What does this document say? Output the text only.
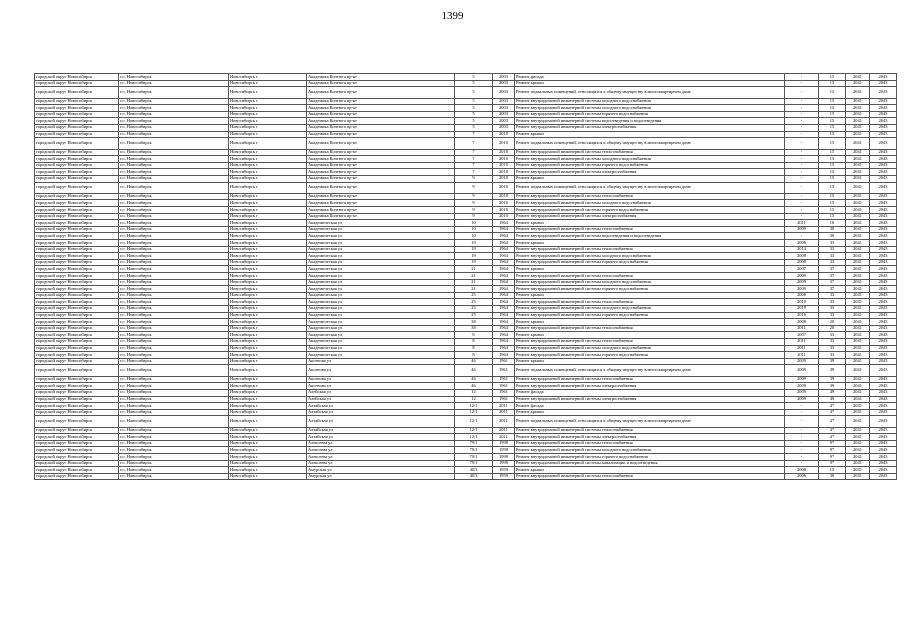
1399
городской округ Новосибирск	г.о. Новосибирск	Новосибирск г	Академика Коптюга пр-кт	5	2003	Ремонт фасада	-	15	2041	2043
городской округ Новосибирск	г.о. Новосибирск	Новосибирск г	Академика Коптюга пр-кт	5	2003	Ремонт крыши	-	15	2041	2043
городской округ Новосибирск	г.о. Новосибирск	Новосибирск г	Академика Коптюга пр-кт	5	2003	Ремонт подвальных помещений, относящихся к общему имуществу в многоквартирном доме	-	15	2041	2043
городской округ Новосибирск	г.о. Новосибирск	Новосибирск г	Академика Коптюга пр-кт	5	2003	Ремонт внутридомовой инженерной системы холодного водоснабжения	-	15	2041	2043
городской округ Новосибирск	г.о. Новосибирск	Новосибирск г	Академика Коптюга пр-кт	5	2003	Ремонт внутридомовой инженерной системы холодного водоснабжения	-	15	2041	2043
городской округ Новосибирск	г.о. Новосибирск	Новосибирск г	Академика Коптюга пр-кт	5	2003	Ремонт внутридомовой инженерной системы горячего водоснабжения	-	15	2041	2043
городской округ Новосибирск	г.о. Новосибирск	Новосибирск г	Академика Коптюга пр-кт	5	2003	Ремонт внутридомовой инженерной системы водоотведения и водоотведения	-	15	2041	2043
городской округ Новосибирск	г.о. Новосибирск	Новосибирск г	Академика Коптюга пр-кт	5	2003	Ремонт внутридомовой инженерной системы электроснабжения	-	15	2041	2043
городской округ Новосибирск	г.о. Новосибирск	Новосибирск г	Академика Коптюга пр-кт	7	2010	Ремонт крыши	-	15	2041	2043
городской округ Новосибирск	г.о. Новосибирск	Новосибирск г	Академика Коптюга пр-кт	7	2010	Ремонт подвальных помещений, относящихся к общему имуществу в многоквартирном доме	-	15	2041	2043
городской округ Новосибирск	г.о. Новосибирск	Новосибирск г	Академика Коптюга пр-кт	7	2010	Ремонт внутридомовой инженерной системы теплоснабжения	-	15	2041	2043
городской округ Новосибирск	г.о. Новосибирск	Новосибирск г	Академика Коптюга пр-кт	7	2010	Ремонт внутридомовой инженерной системы холодного водоснабжения	-	15	2041	2043
городской округ Новосибирск	г.о. Новосибирск	Новосибирск г	Академика Коптюга пр-кт	7	2010	Ремонт внутридомовой инженерной системы горячего водоснабжения	-	15	2041	2043
городской округ Новосибирск	г.о. Новосибирск	Новосибирск г	Академика Коптюга пр-кт	7	2010	Ремонт внутридомовой инженерной системы электроснабжения	-	15	2041	2043
городской округ Новосибирск	г.о. Новосибирск	Новосибирск г	Академика Коптюга пр-кт	9	2010	Ремонт крыши	-	15	2041	2043
городской округ Новосибирск	г.о. Новосибирск	Новосибирск г	Академика Коптюга пр-кт	9	2010	Ремонт подвальных помещений, относящихся к общему имуществу в многоквартирном доме	-	15	2041	2043
городской округ Новосибирск	г.о. Новосибирск	Новосибирск г	Академика Коптюга пр-кт	9	2010	Ремонт внутридомовой инженерной системы теплоснабжения	-	15	2041	2043
городской округ Новосибирск	г.о. Новосибирск	Новосибирск г	Академика Коптюга пр-кт	9	2010	Ремонт внутридомовой инженерной системы холодного водоснабжения	-	15	2041	2043
городской округ Новосибирск	г.о. Новосибирск	Новосибирск г	Академика Коптюга пр-кт	9	2010	Ремонт внутридомовой инженерной системы горячего водоснабжения	-	15	2041	2043
городской округ Новосибирск	г.о. Новосибирск	Новосибирск г	Академика Коптюга пр-кт	9	2010	Ремонт внутридомовой инженерной системы электроснабжения	-	15	2041	2043
городской округ Новосибирск	г.о. Новосибирск	Новосибирск г	Академическая ул	10	1964	Ремонт крыши	2011	10	2041	2043
городской округ Новосибирск	г.о. Новосибирск	Новосибирск г	Академическая ул	10	1964	Ремонт внутридомовой инженерной системы теплоснабжения	2009	30	2041	2043
городской округ Новосибирск	г.о. Новосибирск	Новосибирск г	Академическая ул	10	1964	Ремонт внутридомовой инженерной системы водоотведения и водоотведения	-	30	2041	2043
городской округ Новосибирск	г.о. Новосибирск	Новосибирск г	Академическая ул	19	1964	Ремонт крыши	2006	33	2041	2043
городской округ Новосибирск	г.о. Новосибирск	Новосибирск г	Академическая ул	19	1964	Ремонт внутридомовой инженерной системы теплоснабжения	2014	33	2041	2043
городской округ Новосибирск	г.о. Новосибирск	Новосибирск г	Академическая ул	19	1964	Ремонт внутридомовой инженерной системы холодного водоснабжения	2008	33	2041	2043
городской округ Новосибирск	г.о. Новосибирск	Новосибирск г	Академическая ул	19	1964	Ремонт внутридомовой инженерной системы горячего водоснабжения	2008	33	2041	2043
городской округ Новосибирск	г.о. Новосибирск	Новосибирск г	Академическая ул	21	1964	Ремонт крыши	2007	37	2041	2043
городской округ Новосибирск	г.о. Новосибирск	Новосибирск г	Академическая ул	21	1964	Ремонт внутридомовой инженерной системы теплоснабжения	2009	37	2041	2043
городской округ Новосибирск	г.о. Новосибирск	Новосибирск г	Академическая ул	21	1964	Ремонт внутридомовой инженерной системы холодного водоснабжения	2009	37	2041	2043
городской округ Новосибирск	г.о. Новосибирск	Новосибирск г	Академическая ул	21	1964	Ремонт внутридомовой инженерной системы горячего водоснабжения	2009	37	2041	2043
городской округ Новосибирск	г.о. Новосибирск	Новосибирск г	Академическая ул	25	1964	Ремонт крыши	2008	33	2041	2043
городской округ Новосибирск	г.о. Новосибирск	Новосибирск г	Академическая ул	25	1964	Ремонт внутридомовой инженерной системы теплоснабжения	2010	33	2041	2043
городской округ Новосибирск	г.о. Новосибирск	Новосибирск г	Академическая ул	25	1964	Ремонт внутридомовой инженерной системы холодного водоснабжения	2019	33	2041	2043
городской округ Новосибирск	г.о. Новосибирск	Новосибирск г	Академическая ул	25	1964	Ремонт внутридомовой инженерной системы горячего водоснабжения	2016	33	2041	2043
городской округ Новосибирск	г.о. Новосибирск	Новосибирск г	Академическая ул	38	1964	Ремонт крыши	2008	20	2041	2043
городской округ Новосибирск	г.о. Новосибирск	Новосибирск г	Академическая ул	38	1964	Ремонт внутридомовой инженерной системы теплоснабжения	2011	20	2041	2043
городской округ Новосибирск	г.о. Новосибирск	Новосибирск г	Академическая ул	8	1964	Ремонт крыши	2007	33	2041	2043
городской округ Новосибирск	г.о. Новосибирск	Новосибирск г	Академическая ул	8	1964	Ремонт внутридомовой инженерной системы теплоснабжения	2011	33	2041	2043
городской округ Новосибирск	г.о. Новосибирск	Новосибирск г	Академическая ул	8	1964	Ремонт внутридомовой инженерной системы холодного водоснабжения	2011	33	2041	2043
городской округ Новосибирск	г.о. Новосибирск	Новосибирск г	Академическая ул	8	1964	Ремонт внутридомовой инженерной системы горячего водоснабжения	2011	33	2041	2043
городской округ Новосибирск	г.о. Новосибирск	Новосибирск г	Аксенова ул	46	1961	Ремонт крыши	2009	39	2041	2043
городской округ Новосибирск	г.о. Новосибирск	Новосибирск г	Аксенова ул	46	1961	Ремонт подвальных помещений, относящихся к общему имуществу в многоквартирном доме	2009	39	2041	2043
городской округ Новосибирск	г.о. Новосибирск	Новосибирск г	Аксенова ул	46	1961	Ремонт внутридомовой инженерной системы теплоснабжения	2009	39	2041	2043
городской округ Новосибирск	г.о. Новосибирск	Новосибирск г	Аксенова ул	46	1961	Ремонт внутридомовой инженерной системы электроснабжения	2009	39	2041	2043
городской округ Новосибирск	г.о. Новосибирск	Новосибирск г	Алейская ул	12	1961	Ремонт фасада	2009	49	2041	2043
городской округ Новосибирск	г.о. Новосибирск	Новосибирск г	Алейская ул	12	1961	Ремонт внутридомовой инженерной системы электроснабжения	2009	49	2041	2043
городской округ Новосибирск	г.о. Новосибирск	Новосибирск г	Алтайская ул	12/1	2011	Ремонт фасада	-	4*	2041	2043
городской округ Новосибирск	г.о. Новосибирск	Новосибирск г	Алтайская ул	12/1	2011	Ремонт крыши	-	4*	2041	2043
городской округ Новосибирск	г.о. Новосибирск	Новосибирск г	Алтайская ул	12/1	2011	Ремонт подвальных помещений, относящихся к общему имуществу в многоквартирном доме	-	4*	2041	2043
городской округ Новосибирск	г.о. Новосибирск	Новосибирск г	Алтайская ул	12/1	2011	Ремонт внутридомовой инженерной системы теплоснабжения	-	4*	2041	2043
городской округ Новосибирск	г.о. Новосибирск	Новосибирск г	Алтайская ул	12/1	2011	Ремонт внутридомовой инженерной системы электроснабжения	-	4*	2041	2043
городской округ Новосибирск	г.о. Новосибирск	Новосибирск г	Алексеева ул	79/1	1998	Ремонт внутридомовой инженерной системы теплоснабжения	-	9*	2041	2043
городской округ Новосибирск	г.о. Новосибирск	Новосибирск г	Алексеева ул	79/1	1998	Ремонт внутридомовой инженерной системы холодного водоснабжения	-	9*	2041	2043
городской округ Новосибирск	г.о. Новосибирск	Новосибирск г	Алексеева ул	79/1	1998	Ремонт внутридомовой инженерной системы горячего водоснабжения	-	9*	2041	2043
городской округ Новосибирск	г.о. Новосибирск	Новосибирск г	Алексеева ул	79/1	1998	Ремонт внутридомовой инженерной системы канализации и водоотведения	-	9*	2041	2043
городской округ Новосибирск	г.о. Новосибирск	Новосибирск г	Амурская ул	40/3	1959	Ремонт крыши	2008	15	2041	2043
городской округ Новосибирск	г.о. Новосибирск	Новосибирск г	Амурская ул	40/3	1959	Ремонт внутридомовой инженерной системы теплоснабжения	2006	30	2041	2043
